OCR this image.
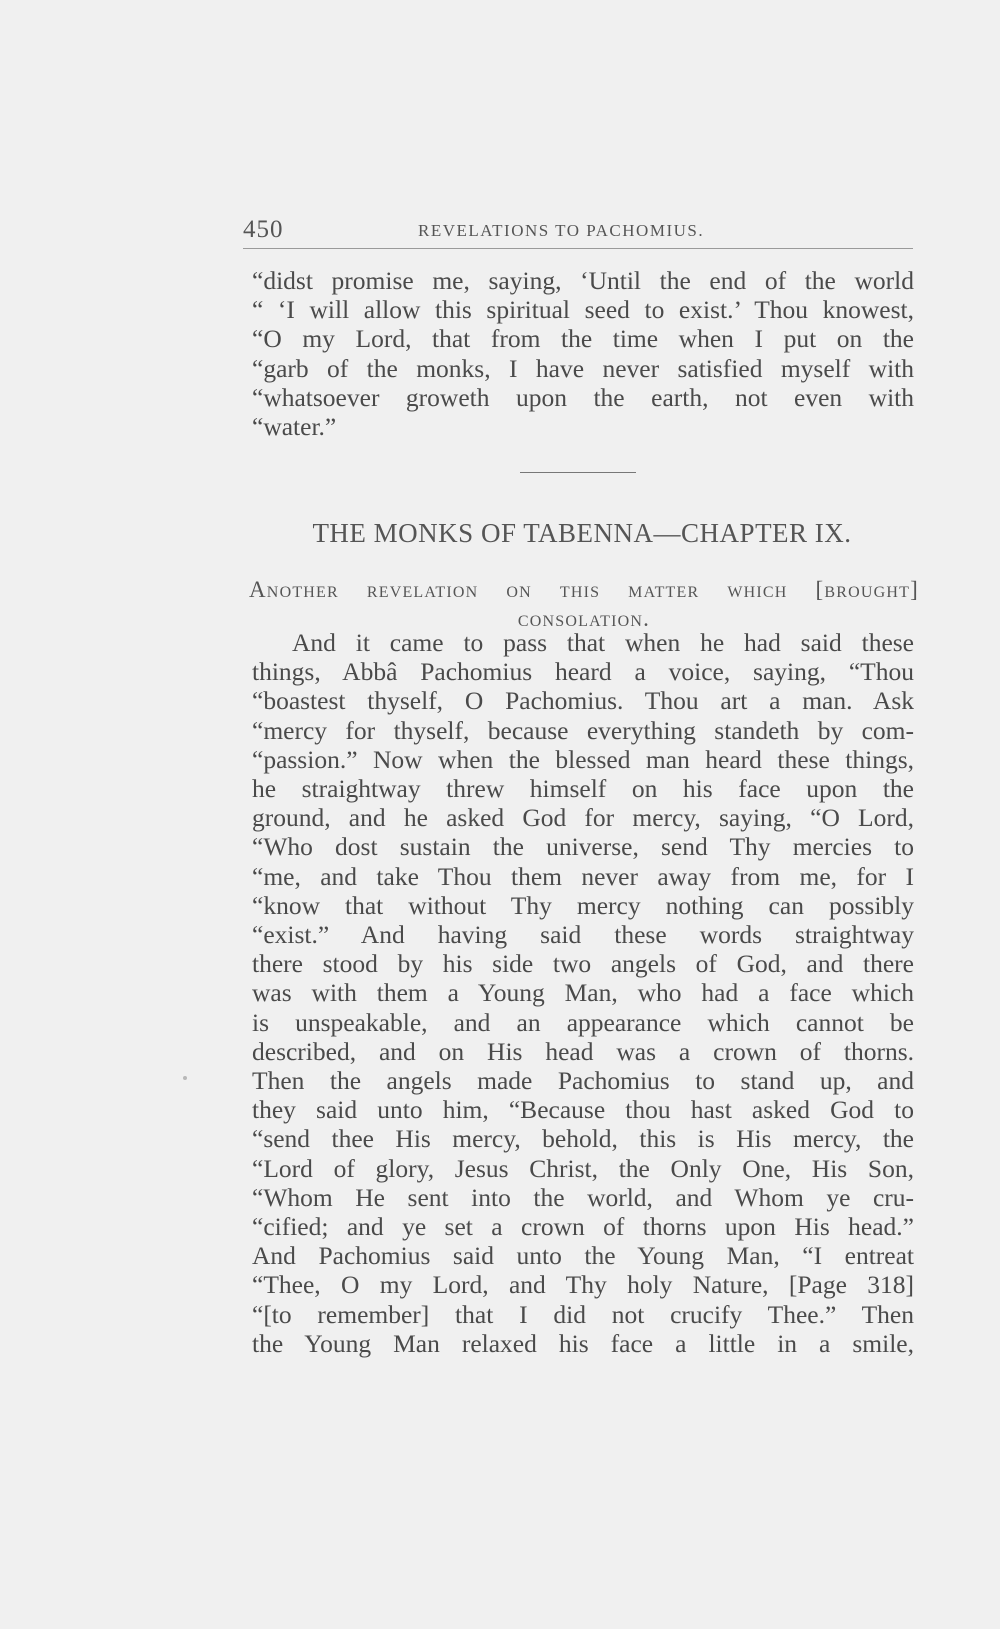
450	REVELATIONS TO PACHOMIUS.
“didst promise me, saying, ‘Until the end of the world
“ ‘I will allow this spiritual seed to exist.’ Thou knowest,
“O my Lord, that from the time when I put on the
“garb of the monks, I have never satisfied myself with
“whatsoever groweth upon the earth, not even with
“water.”
THE MONKS OF TABENNA—CHAPTER IX.
Another revelation on this matter which [brought]
consolation.
And it came to pass that when he had said these
things, Abbâ Pachomius heard a voice, saying, “Thou
“boastest thyself, O Pachomius. Thou art a man. Ask
“mercy for thyself, because everything standeth by com-
“passion.” Now when the blessed man heard these things,
he straightway threw himself on his face upon the
ground, and he asked God for mercy, saying, “O Lord,
“Who dost sustain the universe, send Thy mercies to
“me, and take Thou them never away from me, for I
“know that without Thy mercy nothing can possibly
“exist.” And having said these words straightway
there stood by his side two angels of God, and there
was with them a Young Man, who had a face which
is unspeakable, and an appearance which cannot be
described, and on His head was a crown of thorns.
Then the angels made Pachomius to stand up, and
they said unto him, “Because thou hast asked God to
“send thee His mercy, behold, this is His mercy, the
“Lord of glory, Jesus Christ, the Only One, His Son,
“Whom He sent into the world, and Whom ye cru-
“cified; and ye set a crown of thorns upon His head.”
And Pachomius said unto the Young Man, “I entreat
“Thee, O my Lord, and Thy holy Nature, [Page 318]
“[to remember] that I did not crucify Thee.” Then
the Young Man relaxed his face a little in a smile,
